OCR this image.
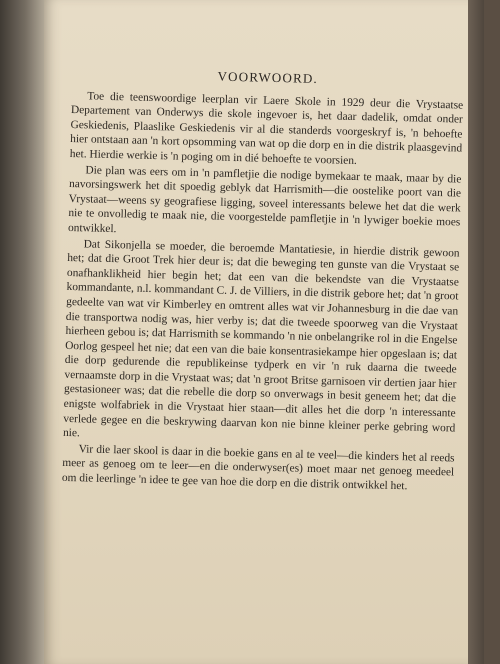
VOORWOORD.

Toe die teenswoordige leerplan vir Laere Skole in 1929 deur die Vrystaatse Departement van Onderwys die skole ingevoer is, het daar dadelik, omdat onder Geskiedenis, Plaaslike Geskiedenis vir al die standerds voorgeskryf is, 'n behoefte hier ontstaan aan 'n kort opsomming van wat op die dorp en in die distrik plaasgevind het. Hierdie werkie is 'n poging om in dié behoefte te voorsien.

Die plan was eers om in 'n pamfletjie die nodige bymekaar te maak, maar by die navorsingswerk het dit spoedig geblyk dat Harrismith—die oostelike poort van die Vrystaat—weens sy geografiese ligging, soveel interessants belewe het dat die werk nie te onvolledig te maak nie, die voorgestelde pamfletjie in 'n lywiger boekie moes ontwikkel.

Dat Sikonjella se moeder, die beroemde Mantatiesie, in hierdie distrik gewoon het; dat die Groot Trek hier deur is; dat die beweging ten gunste van die Vrystaat se onafhanklikheid hier begin het; dat een van die bekendste van die Vrystaatse kommandante, n.l. kommandant C. J. de Villiers, in die distrik gebore het; dat 'n groot gedeelte van wat vir Kimberley en omtrent alles wat vir Johannesburg in die dae van die transportwa nodig was, hier verby is; dat die tweede spoorweg van die Vrystaat hierheen gebou is; dat Harrismith se kommando 'n nie onbelangrike rol in die Engelse Oorlog gespeel het nie; dat een van die baie konsentrasiekampe hier opgeslaan is; dat die dorp gedurende die republikeinse tydperk en vir 'n ruk daarna die tweede vernaamste dorp in die Vrystaat was; dat 'n groot Britse garnisoen vir dertien jaar hier gestasioneer was; dat die rebelle die dorp so onverwags in besit geneem het; dat die enigste wolfabriek in die Vrystaat hier staan—dit alles het die dorp 'n interessante verlede gegee en die beskrywing daarvan kon nie binne kleiner perke gebring word nie.

Vir die laer skool is daar in die boekie gans en al te veel—die kinders het al reeds meer as genoeg om te leer—en die onderwyser(es) moet maar net genoeg meedeel om die leerlinge 'n idee te gee van hoe die dorp en die distrik ontwikkel het.
